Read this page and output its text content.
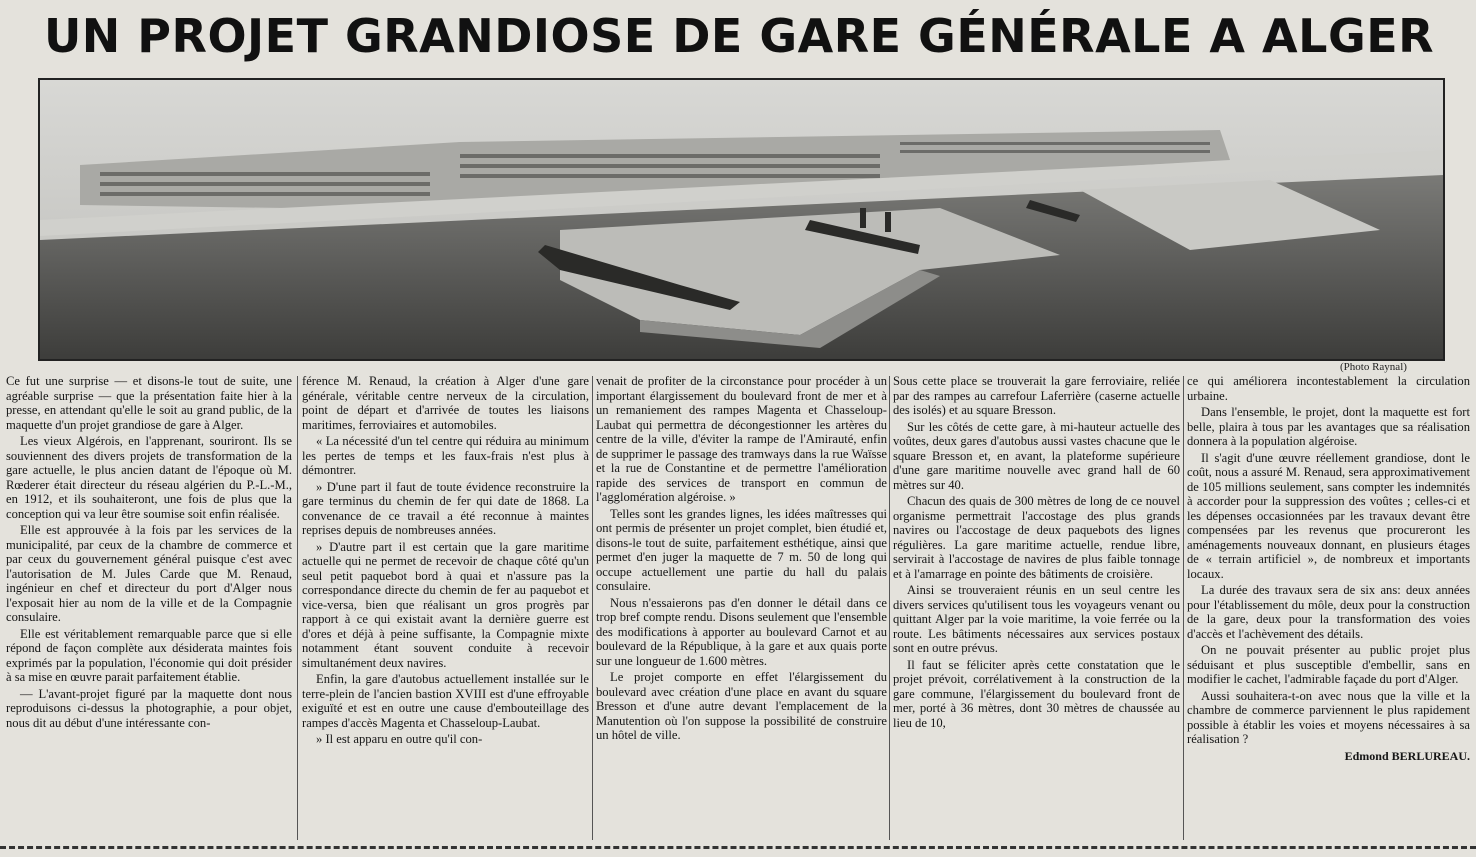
UN PROJET GRANDIOSE DE GARE GÉNÉRALE A ALGER
(Photo Raynal)

Ce fut une surprise — et disons-le tout de suite, une agréable surprise — que la présentation faite hier à la presse, en attendant qu'elle le soit au grand public, de la maquette d'un projet grandiose de gare à Alger.

Les vieux Algérois, en l'apprenant, souriront. Ils se souviennent des divers projets de transformation de la gare actuelle, le plus ancien datant de l'époque où M. Rœderer était directeur du réseau algérien du P.-L.-M., en 1912, et ils souhaiteront, une fois de plus que la conception qui va leur être soumise soit enfin réalisée.

Elle est approuvée à la fois par les services de la municipalité, par ceux de la chambre de commerce et par ceux du gouvernement général puisque c'est avec l'autorisation de M. Jules Carde que M. Renaud, ingénieur en chef et directeur du port d'Alger nous l'exposait hier au nom de la ville et de la Compagnie consulaire.

Elle est véritablement remarquable parce que si elle répond de façon complète aux désiderata maintes fois exprimés par la population, l'économie qui doit présider à sa mise en œuvre parait parfaitement établie.

— L'avant-projet figuré par la maquette dont nous reproduisons ci-dessus la photographie, a pour objet, nous dit au début d'une intéressante con-

férence M. Renaud, la création à Alger d'une gare générale, véritable centre nerveux de la circulation, point de départ et d'arrivée de toutes les liaisons maritimes, ferroviaires et automobiles.

« La nécessité d'un tel centre qui réduira au minimum les pertes de temps et les faux-frais n'est plus à démontrer.

» D'une part il faut de toute évidence reconstruire la gare terminus du chemin de fer qui date de 1868. La convenance de ce travail a été reconnue à maintes reprises depuis de nombreuses années.

» D'autre part il est certain que la gare maritime actuelle qui ne permet de recevoir de chaque côté qu'un seul petit paquebot bord à quai et n'assure pas la correspondance directe du chemin de fer au paquebot et vice-versa, bien que réalisant un gros progrès par rapport à ce qui existait avant la dernière guerre est d'ores et déjà à peine suffisante, la Compagnie mixte notamment étant souvent conduite à recevoir simultanément deux navires.

Enfin, la gare d'autobus actuellement installée sur le terre-plein de l'ancien bastion XVIII est d'une effroyable exiguïté et est en outre une cause d'embouteillage des rampes d'accès Magenta et Chasseloup-Laubat.

» Il est apparu en outre qu'il con-

venait de profiter de la circonstance pour procéder à un important élargissement du boulevard front de mer et à un remaniement des rampes Magenta et Chasseloup-Laubat qui permettra de décongestionner les artères du centre de la ville, d'éviter la rampe de l'Amirauté, enfin de supprimer le passage des tramways dans la rue Waïsse et la rue de Constantine et de permettre l'amélioration rapide des services de transport en commun de l'agglomération algéroise. »

Telles sont les grandes lignes, les idées maîtresses qui ont permis de présenter un projet complet, bien étudié et, disons-le tout de suite, parfaitement esthétique, ainsi que permet d'en juger la maquette de 7 m. 50 de long qui occupe actuellement une partie du hall du palais consulaire.

Nous n'essaierons pas d'en donner le détail dans ce trop bref compte rendu. Disons seulement que l'ensemble des modifications à apporter au boulevard Carnot et au boulevard de la République, à la gare et aux quais porte sur une longueur de 1.600 mètres.

Le projet comporte en effet l'élargissement du boulevard avec création d'une place en avant du square Bresson et d'une autre devant l'emplacement de la Manutention où l'on suppose la possibilité de construire un hôtel de ville.

Sous cette place se trouverait la gare ferroviaire, reliée par des rampes au carrefour Laferrière (caserne actuelle des isolés) et au square Bresson.

Sur les côtés de cette gare, à mi-hauteur actuelle des voûtes, deux gares d'autobus aussi vastes chacune que le square Bresson et, en avant, la plateforme supérieure d'une gare maritime nouvelle avec grand hall de 60 mètres sur 40.

Chacun des quais de 300 mètres de long de ce nouvel organisme permettrait l'accostage des plus grands navires ou l'accostage de deux paquebots des lignes régulières. La gare maritime actuelle, rendue libre, servirait à l'accostage de navires de plus faible tonnage et à l'amarrage en pointe des bâtiments de croisière.

Ainsi se trouveraient réunis en un seul centre les divers services qu'utilisent tous les voyageurs venant ou quittant Alger par la voie maritime, la voie ferrée ou la route. Les bâtiments nécessaires aux services postaux sont en outre prévus.

Il faut se féliciter après cette constatation que le projet prévoit, corrélativement à la construction de la gare commune, l'élargissement du boulevard front de mer, porté à 36 mètres, dont 30 mètres de chaussée au lieu de 10,

ce qui améliorera incontestablement la circulation urbaine.

Dans l'ensemble, le projet, dont la maquette est fort belle, plaira à tous par les avantages que sa réalisation donnera à la population algéroise.

Il s'agit d'une œuvre réellement grandiose, dont le coût, nous a assuré M. Renaud, sera approximativement de 105 millions seulement, sans compter les indemnités à accorder pour la suppression des voûtes ; celles-ci et les dépenses occasionnées par les travaux devant être compensées par les revenus que procureront les aménagements nouveaux donnant, en plusieurs étages de « terrain artificiel », de nombreux et importants locaux.

La durée des travaux sera de six ans: deux années pour l'établissement du môle, deux pour la construction de la gare, deux pour la transformation des voies d'accès et l'achèvement des détails.

On ne pouvait présenter au public projet plus séduisant et plus susceptible d'embellir, sans en modifier le cachet, l'admirable façade du port d'Alger.

Aussi souhaitera-t-on avec nous que la ville et la chambre de commerce parviennent le plus rapidement possible à établir les voies et moyens nécessaires à sa réalisation ?

Edmond BERLUREAU.
